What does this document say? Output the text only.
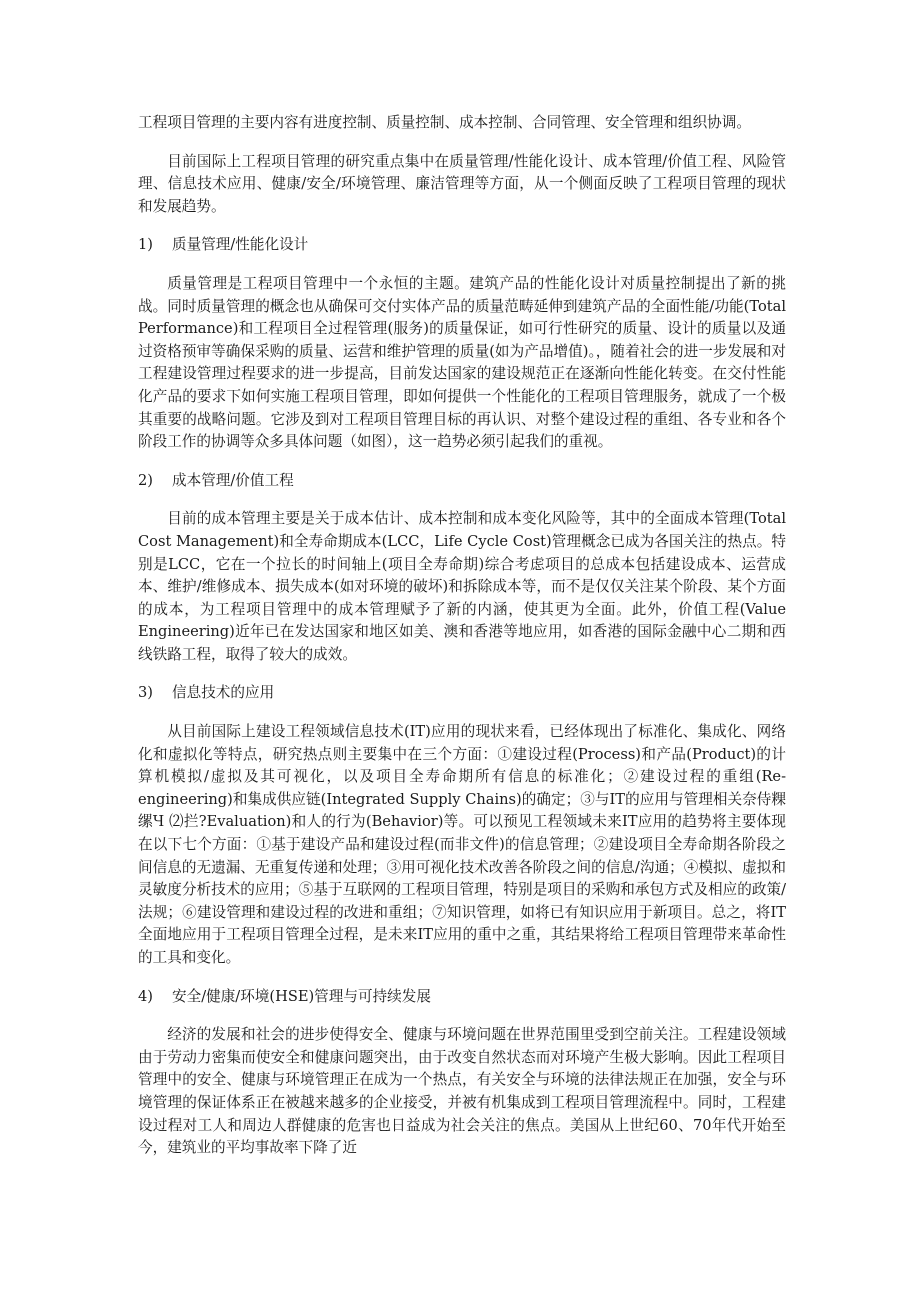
工程项目管理的主要内容有进度控制、质量控制、成本控制、合同管理、安全管理和组织协调。

目前国际上工程项目管理的研究重点集中在质量管理/性能化设计、成本管理/价值工程、风险管理、信息技术应用、健康/安全/环境管理、廉洁管理等方面，从一个侧面反映了工程项目管理的现状和发展趋势。

1)	质量管理/性能化设计

质量管理是工程项目管理中一个永恒的主题。建筑产品的性能化设计对质量控制提出了新的挑战。同时质量管理的概念也从确保可交付实体产品的质量范畴延伸到建筑产品的全面性能/功能(Total Performance)和工程项目全过程管理(服务)的质量保证，如可行性研究的质量、设计的质量以及通过资格预审等确保采购的质量、运营和维护管理的质量(如为产品增值)。，随着社会的进一步发展和对工程建设管理过程要求的进一步提高，目前发达国家的建设规范正在逐渐向性能化转变。在交付性能化产品的要求下如何实施工程项目管理，即如何提供一个性能化的工程项目管理服务，就成了一个极其重要的战略问题。它涉及到对工程项目管理目标的再认识、对整个建设过程的重组、各专业和各个阶段工作的协调等众多具体问题（如图），这一趋势必须引起我们的重视。

2)	成本管理/价值工程

目前的成本管理主要是关于成本估计、成本控制和成本变化风险等，其中的全面成本管理(Total Cost Management)和全寿命期成本(LCC，Life Cycle Cost)管理概念已成为各国关注的热点。特别是LCC，它在一个拉长的时间轴上(项目全寿命期)综合考虑项目的总成本包括建设成本、运营成本、维护/维修成本、损失成本(如对环境的破坏)和拆除成本等，而不是仅仅关注某个阶段、某个方面的成本，为工程项目管理中的成本管理赋予了新的内涵，使其更为全面。此外，价值工程(Value Engineering)近年已在发达国家和地区如美、澳和香港等地应用，如香港的国际金融中心二期和西线铁路工程，取得了较大的成效。

3)	信息技术的应用

从目前国际上建设工程领域信息技术(IT)应用的现状来看，已经体现出了标准化、集成化、网络化和虚拟化等特点，研究热点则主要集中在三个方面：①建设过程(Process)和产品(Product)的计算机模拟/虚拟及其可视化，以及项目全寿命期所有信息的标准化；②建设过程的重组(Re-engineering)和集成供应链(Integrated Supply Chains)的确定；③与IT的应用与管理相关奈侍粿 缧Ч ⑵拦?Evaluation)和人的行为(Behavior)等。可以预见工程领域未来IT应用的趋势将主要体现在以下七个方面：①基于建设产品和建设过程(而非文件)的信息管理；②建设项目全寿命期各阶段之间信息的无遗漏、无重复传递和处理；③用可视化技术改善各阶段之间的信息/沟通；④模拟、虚拟和灵敏度分析技术的应用；⑤基于互联网的工程项目管理，特别是项目的采购和承包方式及相应的政策/法规；⑥建设管理和建设过程的改进和重组；⑦知识管理，如将已有知识应用于新项目。总之，将IT全面地应用于工程项目管理全过程，是未来IT应用的重中之重，其结果将给工程项目管理带来革命性的工具和变化。

4)	安全/健康/环境(HSE)管理与可持续发展

经济的发展和社会的进步使得安全、健康与环境问题在世界范围里受到空前关注。工程建设领域由于劳动力密集而使安全和健康问题突出，由于改变自然状态而对环境产生极大影响。因此工程项目管理中的安全、健康与环境管理正在成为一个热点，有关安全与环境的法律法规正在加强，安全与环境管理的保证体系正在被越来越多的企业接受，并被有机集成到工程项目管理流程中。同时，工程建设过程对工人和周边人群健康的危害也日益成为社会关注的焦点。美国从上世纪60、70年代开始至今，建筑业的平均事故率下降了近
